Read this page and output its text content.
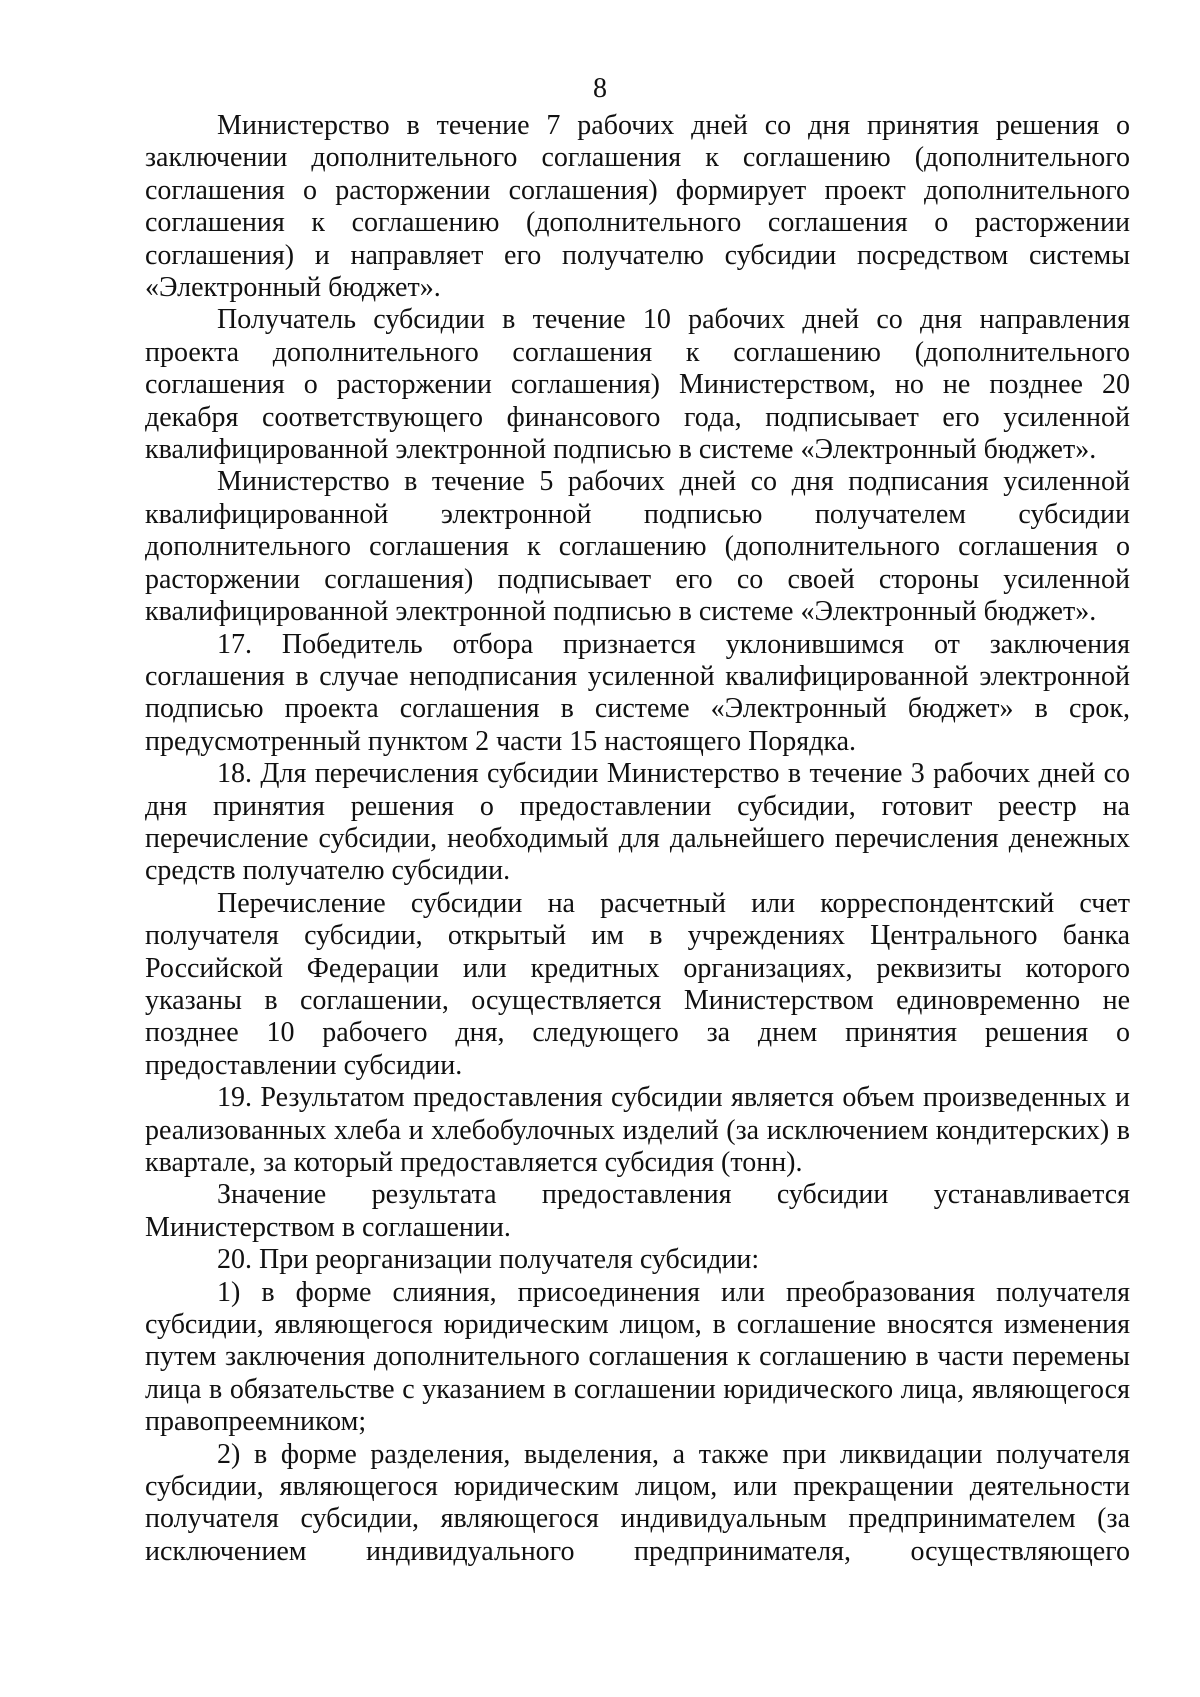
8

Министерство в течение 7 рабочих дней со дня принятия решения о заключении дополнительного соглашения к соглашению (дополнительного соглашения о расторжении соглашения) формирует проект дополнительного соглашения к соглашению (дополнительного соглашения о расторжении соглашения) и направляет его получателю субсидии посредством системы «Электронный бюджет».

Получатель субсидии в течение 10 рабочих дней со дня направления проекта дополнительного соглашения к соглашению (дополнительного соглашения о расторжении соглашения) Министерством, но не позднее 20 декабря соответствующего финансового года, подписывает его усиленной квалифицированной электронной подписью в системе «Электронный бюджет».

Министерство в течение 5 рабочих дней со дня подписания усиленной квалифицированной электронной подписью получателем субсидии дополнительного соглашения к соглашению (дополнительного соглашения о расторжении соглашения) подписывает его со своей стороны усиленной квалифицированной электронной подписью в системе «Электронный бюджет».

17. Победитель отбора признается уклонившимся от заключения соглашения в случае неподписания усиленной квалифицированной электронной подписью проекта соглашения в системе «Электронный бюджет» в срок, предусмотренный пунктом 2 части 15 настоящего Порядка.

18. Для перечисления субсидии Министерство в течение 3 рабочих дней со дня принятия решения о предоставлении субсидии, готовит реестр на перечисление субсидии, необходимый для дальнейшего перечисления денежных средств получателю субсидии.

Перечисление субсидии на расчетный или корреспондентский счет получателя субсидии, открытый им в учреждениях Центрального банка Российской Федерации или кредитных организациях, реквизиты которого указаны в соглашении, осуществляется Министерством единовременно не позднее 10 рабочего дня, следующего за днем принятия решения о предоставлении субсидии.

19. Результатом предоставления субсидии является объем произведенных и реализованных хлеба и хлебобулочных изделий (за исключением кондитерских) в квартале, за который предоставляется субсидия (тонн).

Значение результата предоставления субсидии устанавливается Министерством в соглашении.

20. При реорганизации получателя субсидии:

1) в форме слияния, присоединения или преобразования получателя субсидии, являющегося юридическим лицом, в соглашение вносятся изменения путем заключения дополнительного соглашения к соглашению в части перемены лица в обязательстве с указанием в соглашении юридического лица, являющегося правопреемником;

2) в форме разделения, выделения, а также при ликвидации получателя субсидии, являющегося юридическим лицом, или прекращении деятельности получателя субсидии, являющегося индивидуальным предпринимателем (за исключением индивидуального предпринимателя, осуществляющего
